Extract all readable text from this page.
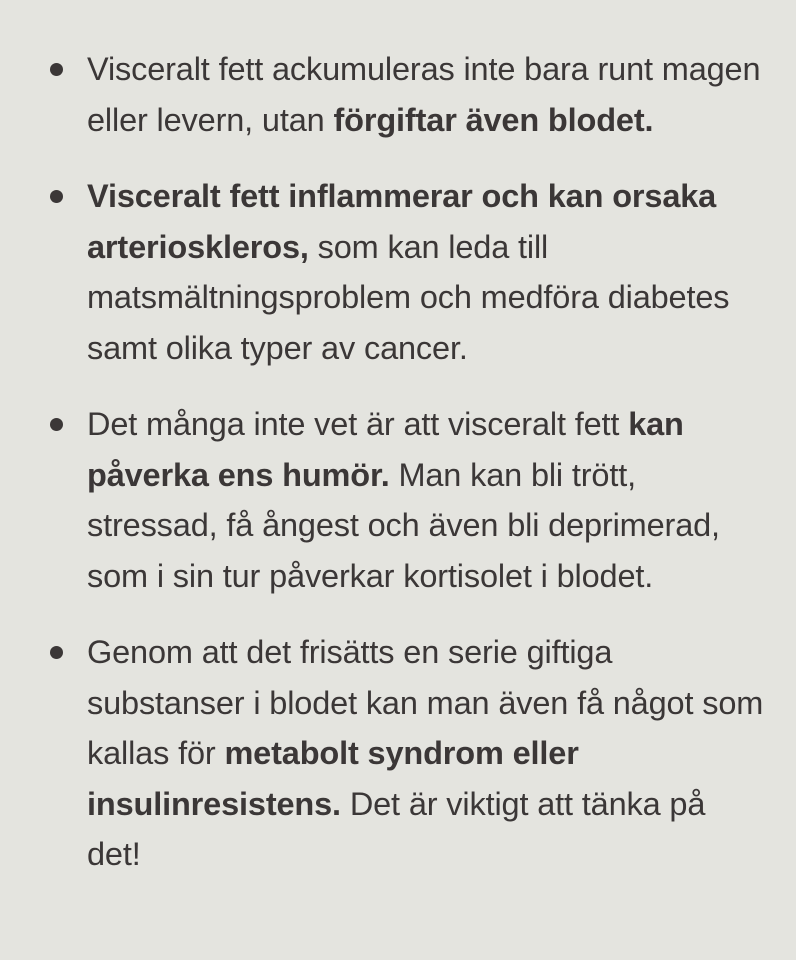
Visceralt fett ackumuleras inte bara runt magen eller levern, utan förgiftar även blodet.
Visceralt fett inflammerar och kan orsaka arterioskleros, som kan leda till matsmältningsproblem och medföra diabetes samt olika typer av cancer.
Det många inte vet är att visceralt fett kan påverka ens humör. Man kan bli trött, stressad, få ångest och även bli deprimerad, som i sin tur påverkar kortisolet i blodet.
Genom att det frisätts en serie giftiga substanser i blodet kan man även få något som kallas för metabolt syndrom eller insulinresistens. Det är viktigt att tänka på det!
